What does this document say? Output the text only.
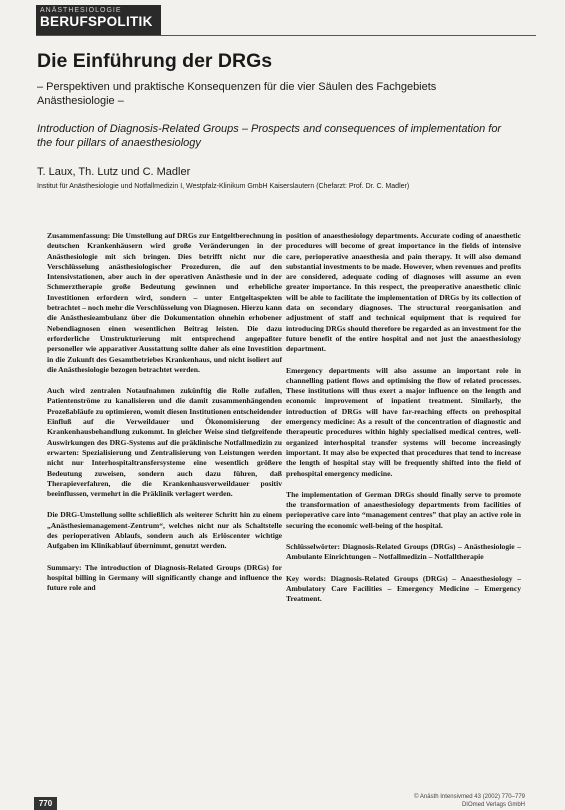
ANÄSTHESIOLOGIE
BERUFSPOLITIK
Die Einführung der DRGs
– Perspektiven und praktische Konsequenzen für die vier Säulen des Fachgebiets Anästhesiologie –
Introduction of Diagnosis-Related Groups – Prospects and consequences of implementation for the four pillars of anaesthesiology
T. Laux, Th. Lutz und C. Madler
Institut für Anästhesiologie und Notfallmedizin I, Westpfalz-Klinikum GmbH Kaiserslautern (Chefarzt: Prof. Dr. C. Madler)

Zusammenfassung: Die Umstellung auf DRGs zur Entgeltberechnung in deutschen Krankenhäusern wird große Veränderungen in der Anästhesiologie mit sich bringen. Dies betrifft nicht nur die Verschlüsselung anästhesiologischer Prozeduren, die auf den Intensivstationen, aber auch in der operativen Anästhesie und in der Schmerztherapie große Bedeutung gewinnen und erhebliche Investitionen erfordern wird, sondern – unter Entgeltaspekten betrachtet – noch mehr die Verschlüsselung von Diagnosen. Hierzu kann die Anästhesieambulanz über die Dokumentation ohnehin erhobener Nebendiagnosen einen wesentlichen Beitrag leisten. Die dazu erforderliche Umstrukturierung mit entsprechend angepaßter personeller wie apparativer Ausstattung sollte daher als eine Investition in die Zukunft des Gesamtbetriebes Krankenhaus, und nicht isoliert auf die Anästhesiologie bezogen betrachtet werden.

Auch wird zentralen Notaufnahmen zukünftig die Rolle zufallen, Patientenströme zu kanalisieren und die damit zusammenhängenden Prozeßabläufe zu optimieren, womit diesen Institutionen entscheidender Einfluß auf die Verweildauer und Ökonomisierung der Krankenhausbehandlung zukommt. In gleicher Weise sind tiefgreifende Auswirkungen des DRG-Systems auf die präklinische Notfallmedizin zu erwarten: Spezialisierung und Zentralisierung von Leistungen werden nicht nur Interhospitaltransfersysteme eine wesentlich größere Bedeutung zuweisen, sondern auch dazu führen, daß Therapieverfahren, die die Krankenhausverweildauer positiv beeinflussen, vermehrt in die Präklinik verlagert werden.

Die DRG-Umstellung sollte schließlich als weiterer Schritt hin zu einem „Anästhesiemanagement-Zentrum“, welches nicht nur als Schaltstelle des perioperativen Ablaufs, sondern auch als Erlöscenter wichtige Aufgaben im Klinikablauf übernimmt, genutzt werden.

Summary: The introduction of Diagnosis-Related Groups (DRGs) for hospital billing in Germany will significantly change and influence the future role and

position of anaesthesiology departments. Accurate coding of anaesthetic procedures will become of great importance in the fields of intensive care, perioperative anaesthesia and pain therapy. It will also demand substantial investments to be made. However, when revenues and profits are considered, adequate coding of diagnoses will assume an even greater importance. In this respect, the preoperative anaesthetic clinic will be able to facilitate the implementation of DRGs by its collection of data on secondary diagnoses. The structural reorganisation and adjustment of staff and technical equipment that is required for introducing DRGs should therefore be regarded as an investment for the future benefit of the entire hospital and not just the anaesthesiology department.

Emergency departments will also assume an important role in channelling patient flows and optimising the flow of related processes. These institutions will thus exert a major influence on the length and economic improvement of inpatient treatment. Similarly, the introduction of DRGs will have far-reaching effects on prehospital emergency medicine: As a result of the concentration of diagnostic and therapeutic procedures within highly specialised medical centres, well-organized interhospital transfer systems will become increasingly important. It may also be expected that procedures that tend to increase the length of hospital stay will be frequently shifted into the field of prehospital emergency medicine.

The implementation of German DRGs should finally serve to promote the transformation of anaesthesiology departments from facilities of perioperative care into “management centres” that play an active role in securing the economic well-being of the hospital.

Schlüsselwörter: Diagnosis-Related Groups (DRGs) – Anästhesiologie – Ambulante Einrichtungen – Notfallmedizin – Notfalltherapie

Key words: Diagnosis-Related Groups (DRGs) – Anaesthesiology – Ambulatory Care Facilities – Emergency Medicine – Emergency Treatment.

770
© Anästh Intensivmed 43 (2002) 770–779
DIOmed Verlags GmbH
